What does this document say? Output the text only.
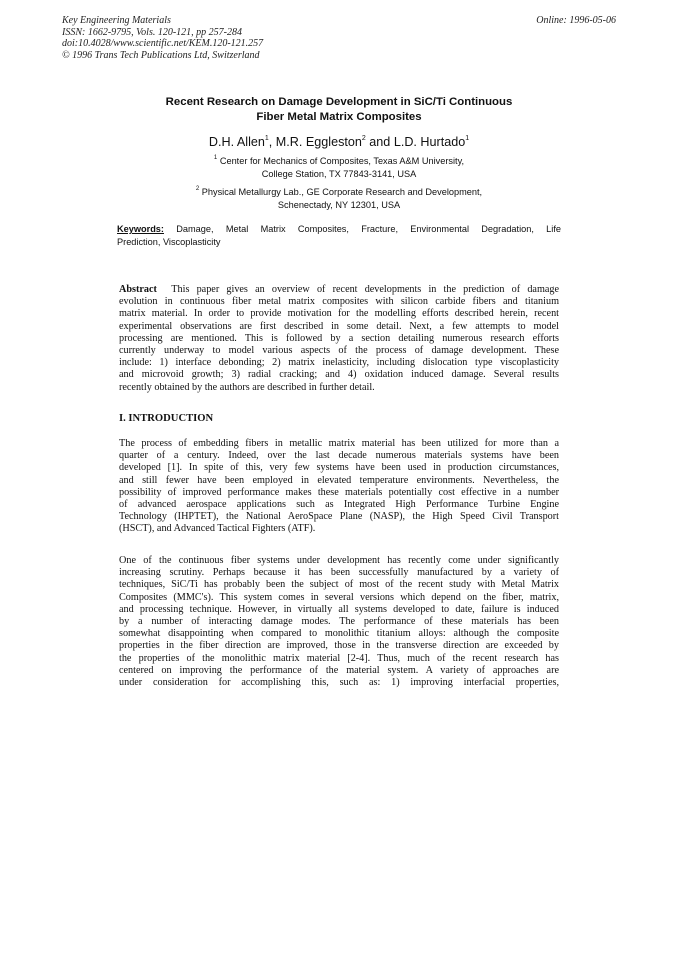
Key Engineering Materials
ISSN: 1662-9795, Vols. 120-121, pp 257-284
doi:10.4028/www.scientific.net/KEM.120-121.257
© 1996 Trans Tech Publications Ltd, Switzerland
Online: 1996-05-06
Recent Research on Damage Development in SiC/Ti Continuous
Fiber Metal Matrix Composites
D.H. Allen$^1$, M.R. Eggleston$^2$ and L.D. Hurtado$^1$
$^1$ Center for Mechanics of Composites, Texas A&M University,
College Station, TX 77843-3141, USA
$^2$ Physical Metallurgy Lab., GE Corporate Research and Development,
Schenectady, NY 12301, USA
Keywords: Damage, Metal Matrix Composites, Fracture, Environmental Degradation, Life
Prediction, Viscoplasticity
Abstract This paper gives an overview of recent developments in the prediction of damage
evolution in continuous fiber metal matrix composites with silicon carbide fibers and titanium
matrix material. In order to provide motivation for the modelling efforts described herein, recent
experimental observations are first described in some detail. Next, a few attempts to model
processing are mentioned. This is followed by a section detailing numerous research efforts
currently underway to model various aspects of the process of damage development. These
include: 1) interface debonding; 2) matrix inelasticity, including dislocation type viscoplasticity
and microvoid growth; 3) radial cracking; and 4) oxidation induced damage. Several results
recently obtained by the authors are described in further detail.
I. INTRODUCTION
The process of embedding fibers in metallic matrix material has been utilized for more than a
quarter of a century. Indeed, over the last decade numerous materials systems have been
developed [1]. In spite of this, very few systems have been used in production circumstances,
and still fewer have been employed in elevated temperature environments. Nevertheless, the
possibility of improved performance makes these materials potentially cost effective in a number
of advanced aerospace applications such as Integrated High Performance Turbine Engine
Technology (IHPTET), the National AeroSpace Plane (NASP), the High Speed Civil Transport
(HSCT), and Advanced Tactical Fighters (ATF).
One of the continuous fiber systems under development has recently come under significantly
increasing scrutiny. Perhaps because it has been successfully manufactured by a variety of
techniques, SiC/Ti has probably been the subject of most of the recent study with Metal Matrix
Composites (MMC's). This system comes in several versions which depend on the fiber, matrix,
and processing technique. However, in virtually all systems developed to date, failure is induced
by a number of interacting damage modes. The performance of these materials has been
somewhat disappointing when compared to monolithic titanium alloys: although the composite
properties in the fiber direction are improved, those in the transverse direction are exceeded by
the properties of the monolithic matrix material [2-4]. Thus, much of the recent research has
centered on improving the performance of the material system. A variety of approaches are
under consideration for accomplishing this, such as: 1) improving interfacial properties,
